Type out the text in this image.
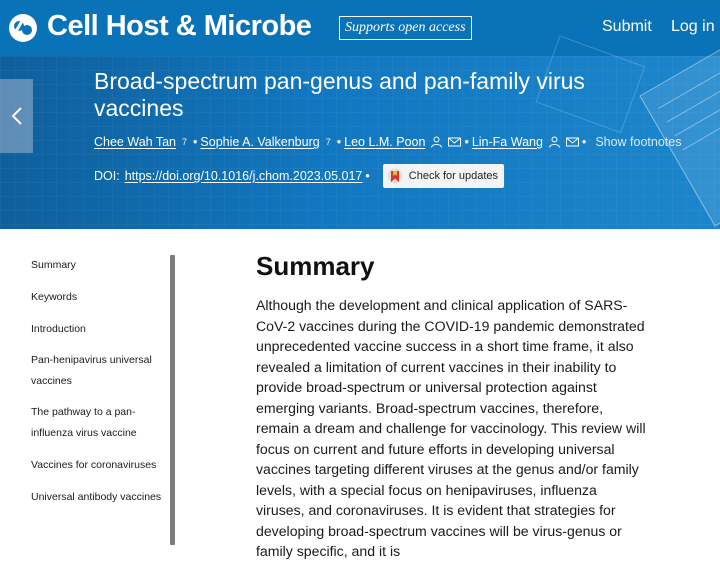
Cell Host & Microbe	Supports open access	Submit Log in
Broad-spectrum pan-genus and pan-family virus vaccines
Chee Wah Tan 7 • Sophie A. Valkenburg 7 • Leo L.M. Poon	• Lin-Fa Wang	• Show footnotes
DOI: https://doi.org/10.1016/j.chom.2023.05.017 •	Check for updates
Summary
Keywords
Introduction
Pan-henipavirus universal vaccines
The pathway to a pan-influenza virus vaccine
Vaccines for coronaviruses
Universal antibody vaccines
Summary

Although the development and clinical application of SARS-CoV-2 vaccines during the COVID-19 pandemic demonstrated unprecedented vaccine success in a short time frame, it also revealed a limitation of current vaccines in their inability to provide broad-spectrum or universal protection against emerging variants. Broad-spectrum vaccines, therefore, remain a dream and challenge for vaccinology. This review will focus on current and future efforts in developing universal vaccines targeting different viruses at the genus and/or family levels, with a special focus on henipaviruses, influenza viruses, and coronaviruses. It is evident that strategies for developing broad-spectrum vaccines will be virus-genus or family specific, and it is
